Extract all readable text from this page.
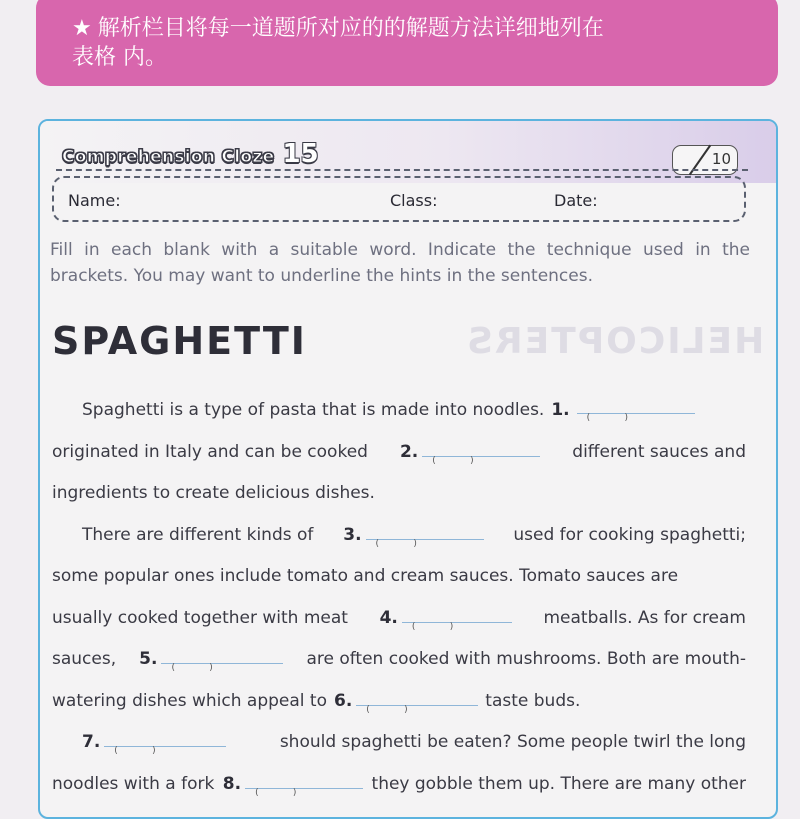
★ 解析栏目将每一道题所对应的的解题方法详细地列在
表格 内。
Comprehension Cloze 15	10
Name:	Class:	Date:
Fill in each blank with a suitable word. Indicate the technique used in the brackets. You may want to underline the hints in the sentences.
HELICOPTERS
SPAGHETTI
Spaghetti is a type of pasta that is made into noodles. 1.
( )
originated in Italy and can be cooked 2. ( )	different sauces and
ingredients to create delicious dishes.
There are different kinds of 3. ( )	used for cooking spaghetti;
some popular ones include tomato and cream sauces. Tomato sauces are
usually cooked together with meat 4. ( )	meatballs. As for cream
sauces, 5. ( )	are often cooked with mushrooms. Both are mouth-
watering dishes which appeal to 6. ( )	taste buds.
7. ( )	should spaghetti be eaten? Some people twirl the long
noodles with a fork 8. ( )	they gobble them up. There are many other
